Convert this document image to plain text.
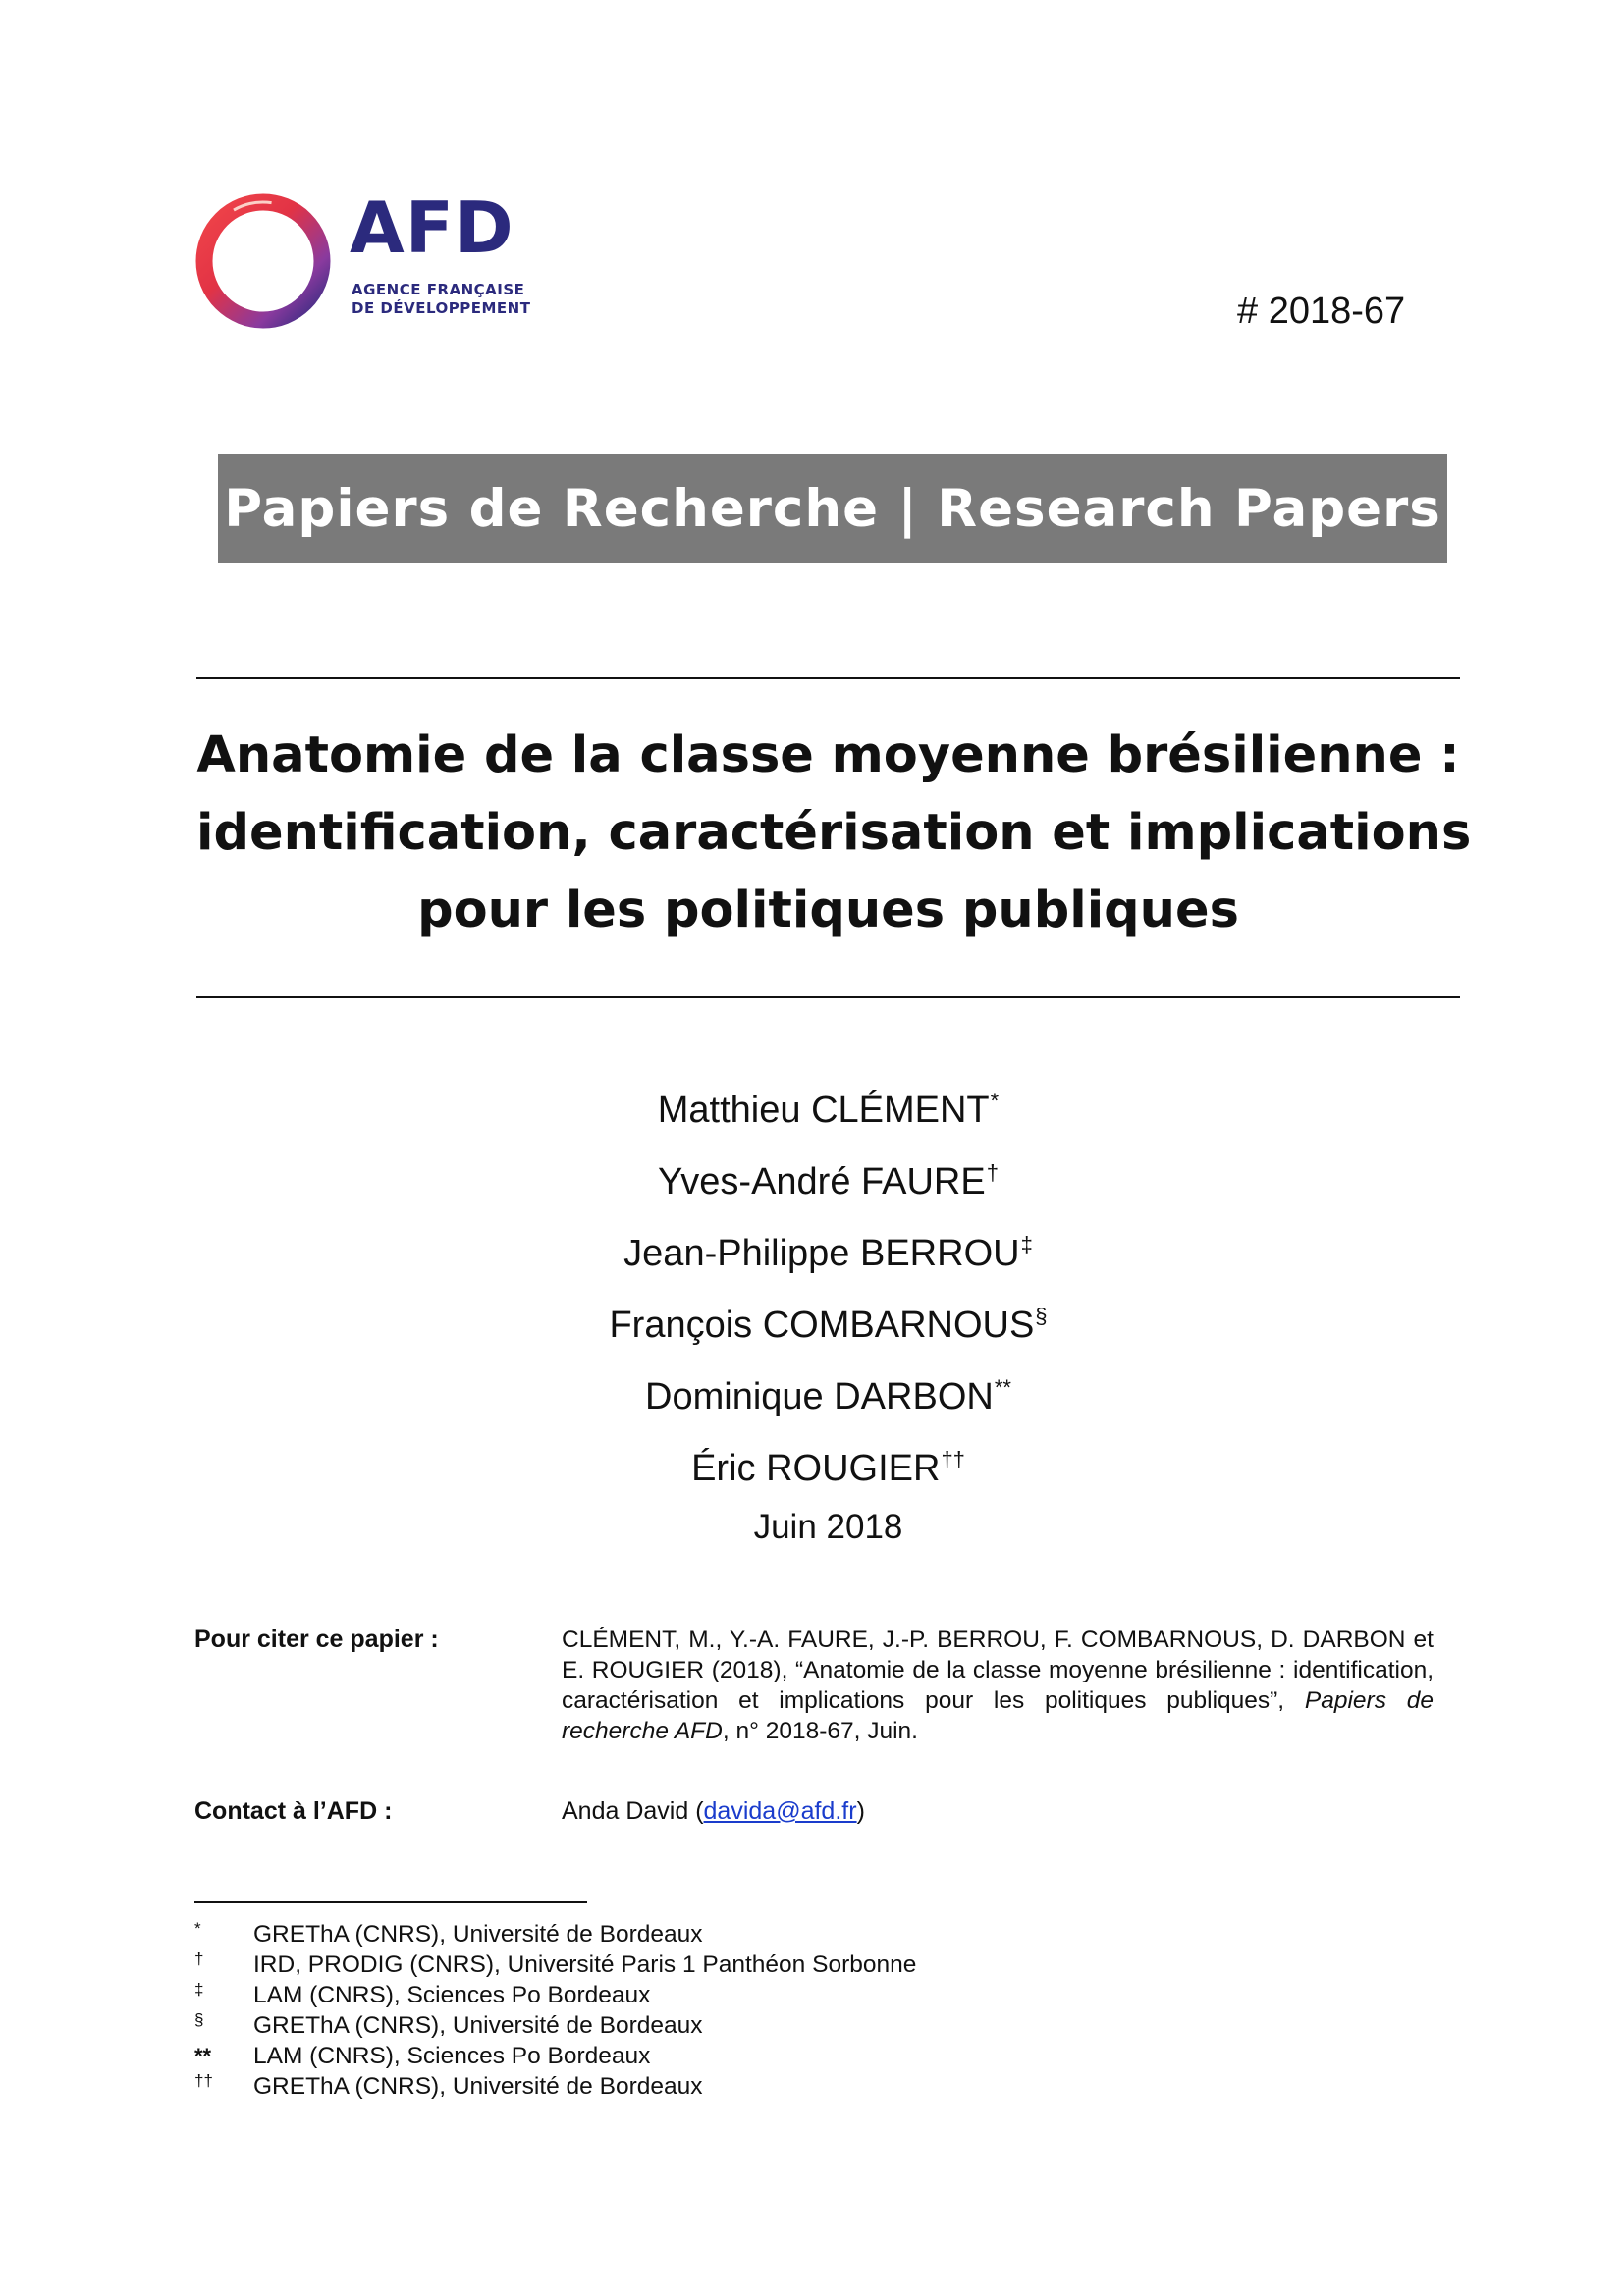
AFD
AGENCE FRANÇAISE
DE DÉVELOPPEMENT	# 2018-67
Papiers de Recherche | Research Papers
Anatomie de la classe moyenne brésilienne :
identification, caractérisation et implications
pour les politiques publiques
Matthieu CLÉMENT*
Yves-André FAURE†
Jean-Philippe BERROU‡
François COMBARNOUS§
Dominique DARBON**
Éric ROUGIER††
Juin 2018
Pour citer ce papier :	CLÉMENT, M., Y.-A. FAURE, J.-P. BERROU, F. COMBARNOUS, D. DARBON et E. ROUGIER (2018), “Anatomie de la classe moyenne brésilienne : identification, caractérisation et implications pour les politiques publiques”, Papiers de recherche AFD, n° 2018-67, Juin.
Contact à l’AFD :	Anda David (davida@afd.fr)
* GREThA (CNRS), Université de Bordeaux
† IRD, PRODIG (CNRS), Université Paris 1 Panthéon Sorbonne
‡ LAM (CNRS), Sciences Po Bordeaux
§ GREThA (CNRS), Université de Bordeaux
** LAM (CNRS), Sciences Po Bordeaux
†† GREThA (CNRS), Université de Bordeaux
